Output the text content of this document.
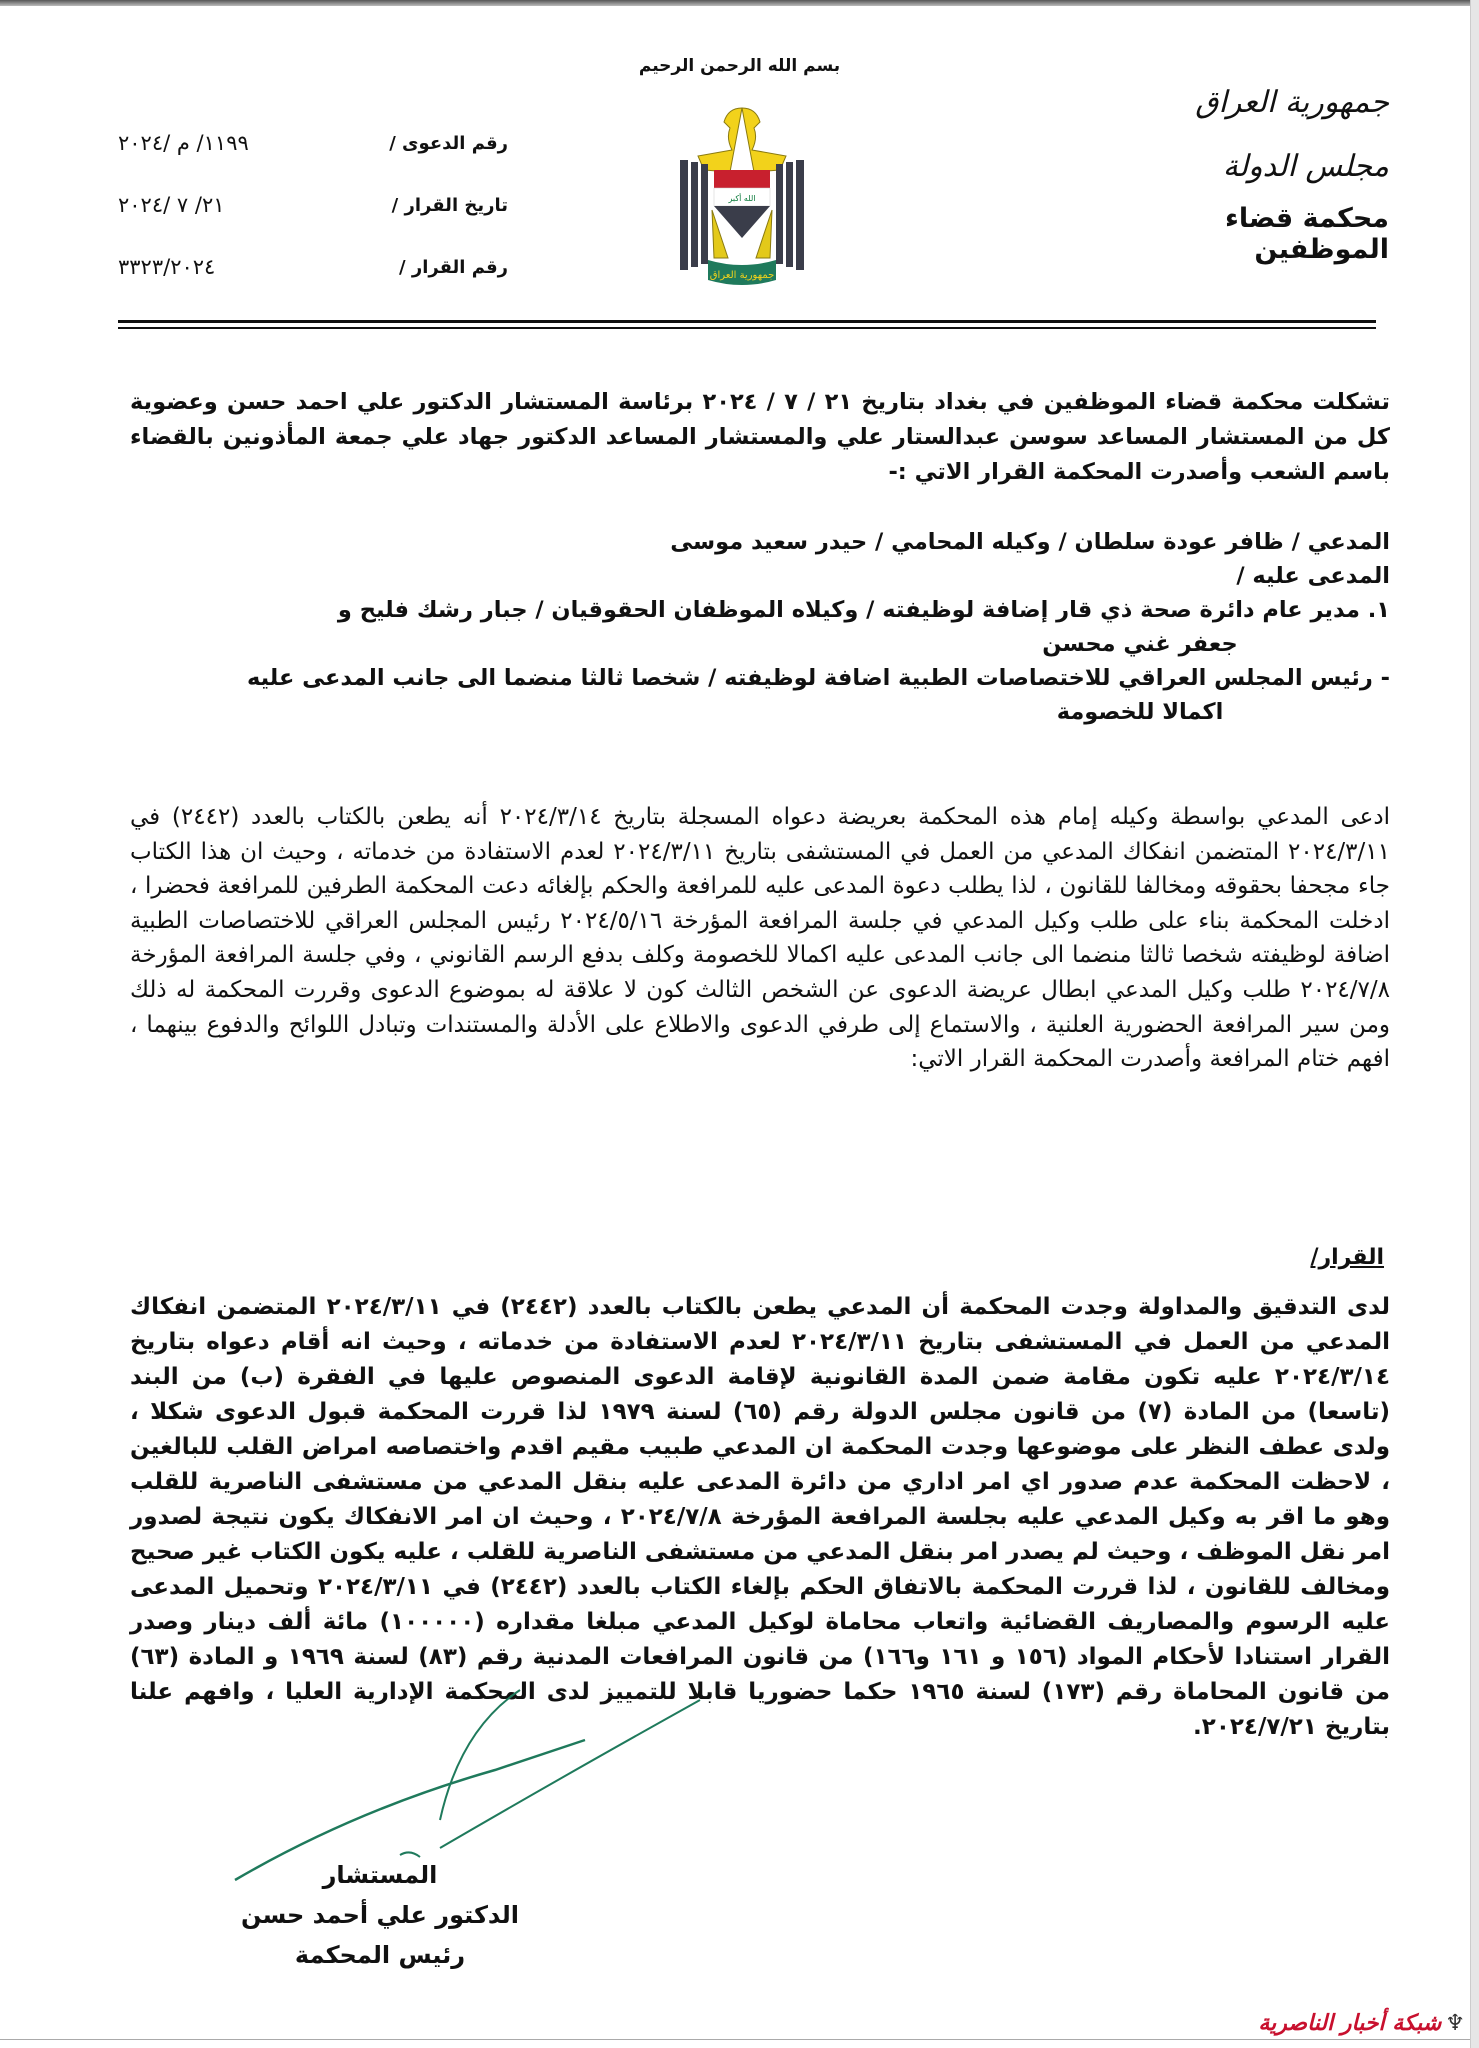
بسم الله الرحمن الرحيم
جمهورية العراق
مجلس الدولة
محكمة قضاء الموظفين
الله أكبر
جمهورية العراق
رقم الدعوى /
١١٩٩/ م /٢٠٢٤
تاريخ القرار /
٢١/ ٧ /٢٠٢٤
رقم القرار /
٣٣٢٣/٢٠٢٤
تشكلت محكمة قضاء الموظفين في بغداد بتاريخ ٢١ / ٧ / ٢٠٢٤ برئاسة المستشار الدكتور علي احمد حسن وعضوية كل من المستشار المساعد سوسن عبدالستار علي والمستشار المساعد الدكتور جهاد علي جمعة المأذونين بالقضاء باسم الشعب وأصدرت المحكمة القرار الاتي :-
المدعي / ظافر عودة سلطان / وكيله المحامي / حيدر سعيد موسى
المدعى عليه /
١. مدير عام دائرة صحة ذي قار إضافة لوظيفته / وكيلاه الموظفان الحقوقيان / جبار رشك فليح و
جعفر غني محسن
- رئيس المجلس العراقي للاختصاصات الطبية اضافة لوظيفته / شخصا ثالثا منضما الى جانب المدعى عليه
اكمالا للخصومة
ادعى المدعي بواسطة وكيله إمام هذه المحكمة بعريضة دعواه المسجلة بتاريخ ٢٠٢٤/٣/١٤ أنه يطعن بالكتاب بالعدد (٢٤٤٢) في ٢٠٢٤/٣/١١ المتضمن انفكاك المدعي من العمل في المستشفى بتاريخ ٢٠٢٤/٣/١١ لعدم الاستفادة من خدماته ، وحيث ان هذا الكتاب جاء مجحفا بحقوقه ومخالفا للقانون ، لذا يطلب دعوة المدعى عليه للمرافعة والحكم بإلغائه دعت المحكمة الطرفين للمرافعة فحضرا ، ادخلت المحكمة بناء على طلب وكيل المدعي في جلسة المرافعة المؤرخة ٢٠٢٤/٥/١٦ رئيس المجلس العراقي للاختصاصات الطبية اضافة لوظيفته شخصا ثالثا منضما الى جانب المدعى عليه اكمالا للخصومة وكلف بدفع الرسم القانوني ، وفي جلسة المرافعة المؤرخة ٢٠٢٤/٧/٨ طلب وكيل المدعي ابطال عريضة الدعوى عن الشخص الثالث كون لا علاقة له بموضوع الدعوى وقررت المحكمة له ذلك ومن سير المرافعة الحضورية العلنية ، والاستماع إلى طرفي الدعوى والاطلاع على الأدلة والمستندات وتبادل اللوائح والدفوع بينهما ، افهم ختام المرافعة وأصدرت المحكمة القرار الاتي:
القرار/
لدى التدقيق والمداولة وجدت المحكمة أن المدعي يطعن بالكتاب بالعدد (٢٤٤٢) في ٢٠٢٤/٣/١١ المتضمن انفكاك المدعي من العمل في المستشفى بتاريخ ٢٠٢٤/٣/١١ لعدم الاستفادة من خدماته ، وحيث انه أقام دعواه بتاريخ ٢٠٢٤/٣/١٤ عليه تكون مقامة ضمن المدة القانونية لإقامة الدعوى المنصوص عليها في الفقرة (ب) من البند (تاسعا) من المادة (٧) من قانون مجلس الدولة رقم (٦٥) لسنة ١٩٧٩ لذا قررت المحكمة قبول الدعوى شكلا ، ولدى عطف النظر على موضوعها وجدت المحكمة ان المدعي طبيب مقيم اقدم واختصاصه امراض القلب للبالغين ، لاحظت المحكمة عدم صدور اي امر اداري من دائرة المدعى عليه بنقل المدعي من مستشفى الناصرية للقلب وهو ما اقر به وكيل المدعي عليه بجلسة المرافعة المؤرخة ٢٠٢٤/٧/٨ ، وحيث ان امر الانفكاك يكون نتيجة لصدور امر نقل الموظف ، وحيث لم يصدر امر بنقل المدعي من مستشفى الناصرية للقلب ، عليه يكون الكتاب غير صحيح ومخالف للقانون ، لذا قررت المحكمة بالاتفاق الحكم بإلغاء الكتاب بالعدد (٢٤٤٢) في ٢٠٢٤/٣/١١ وتحميل المدعى عليه الرسوم والمصاريف القضائية واتعاب محاماة لوكيل المدعي مبلغا مقداره (١٠٠٠٠٠) مائة ألف دينار وصدر القرار استنادا لأحكام المواد (١٥٦ و ١٦١ و١٦٦) من قانون المرافعات المدنية رقم (٨٣) لسنة ١٩٦٩ و المادة (٦٣) من قانون المحاماة رقم (١٧٣) لسنة ١٩٦٥ حكما حضوريا قابلا للتمييز لدى المحكمة الإدارية العليا ، وافهم علنا بتاريخ ٢٠٢٤/٧/٢١.
المستشار
الدكتور علي أحمد حسن
رئيس المحكمة
♆شبكة أخبار الناصرية
